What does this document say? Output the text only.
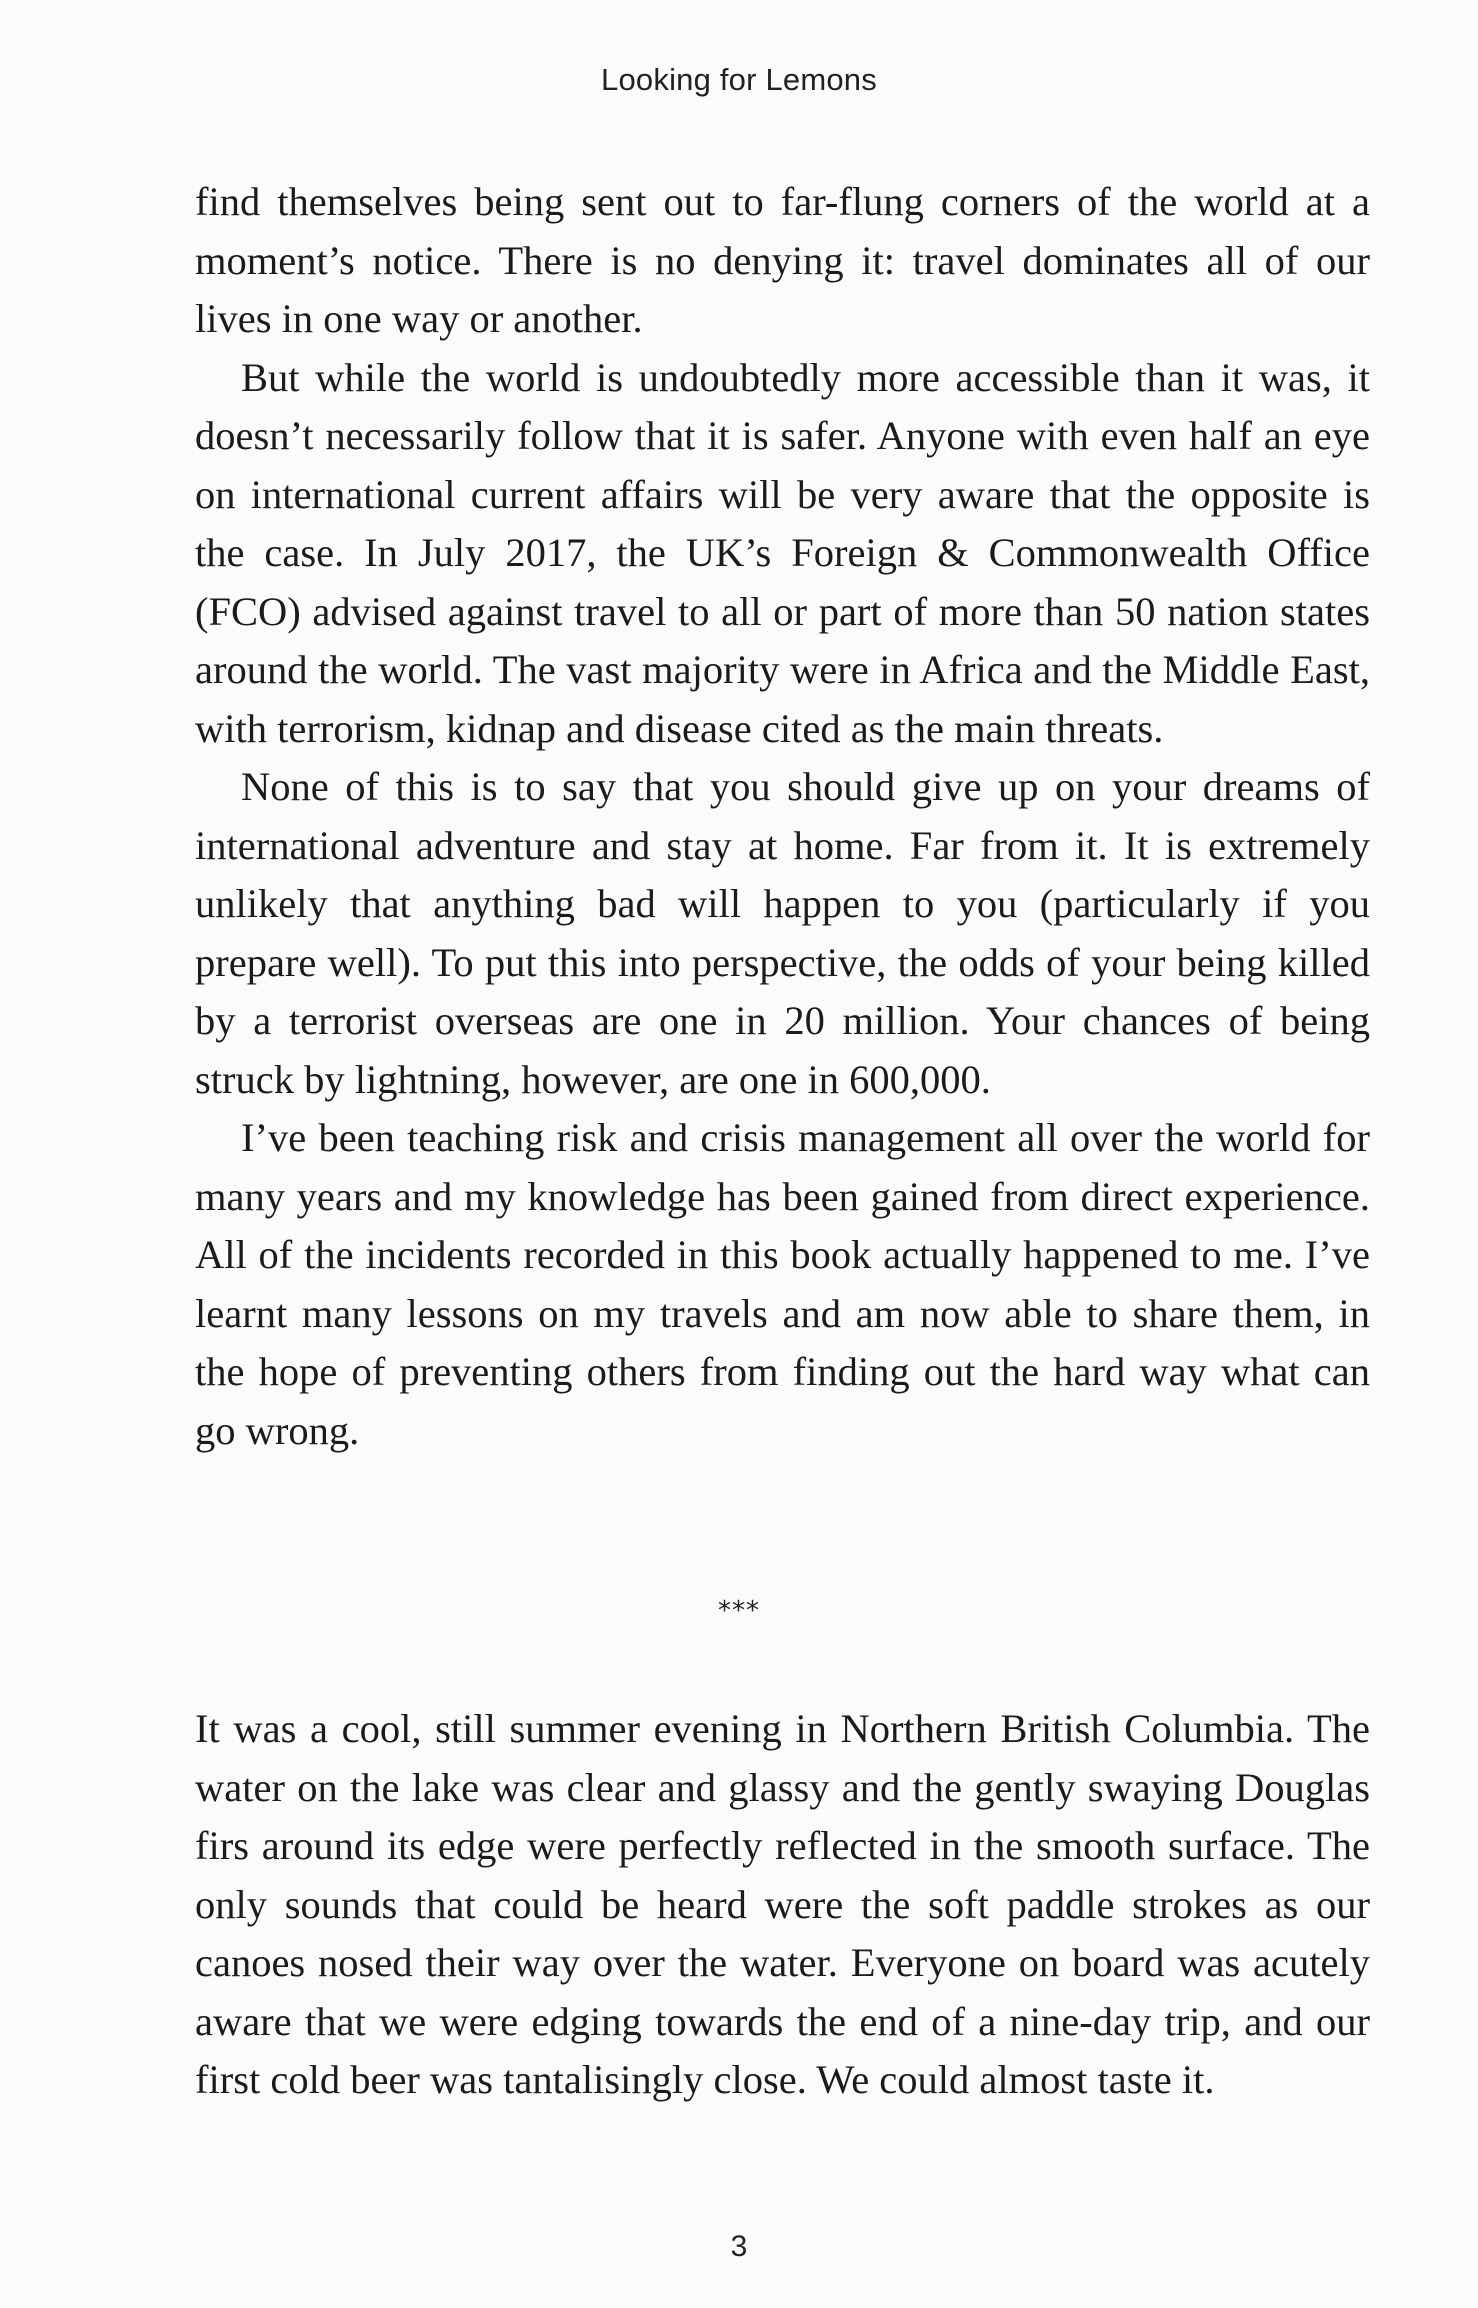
Looking for Lemons

find themselves being sent out to far-flung corners of the world at a moment’s notice. There is no denying it: travel dominates all of our lives in one way or another.

But while the world is undoubtedly more accessible than it was, it doesn’t necessarily follow that it is safer. Anyone with even half an eye on international current affairs will be very aware that the opposite is the case. In July 2017, the UK’s Foreign & Commonwealth Office (FCO) advised against travel to all or part of more than 50 nation states around the world. The vast majority were in Africa and the Middle East, with terrorism, kidnap and disease cited as the main threats.

None of this is to say that you should give up on your dreams of international adventure and stay at home. Far from it. It is extremely unlikely that anything bad will happen to you (particularly if you prepare well). To put this into perspective, the odds of your being killed by a terrorist overseas are one in 20 million. Your chances of being struck by lightning, however, are one in 600,000.

I’ve been teaching risk and crisis management all over the world for many years and my knowledge has been gained from direct experience. All of the incidents recorded in this book actually happened to me. I’ve learnt many lessons on my travels and am now able to share them, in the hope of preventing others from finding out the hard way what can go wrong.

***

It was a cool, still summer evening in Northern British Columbia. The water on the lake was clear and glassy and the gently swaying Douglas firs around its edge were perfectly reflected in the smooth surface. The only sounds that could be heard were the soft paddle strokes as our canoes nosed their way over the water. Everyone on board was acutely aware that we were edging towards the end of a nine-day trip, and our first cold beer was tantalisingly close. We could almost taste it.

3
